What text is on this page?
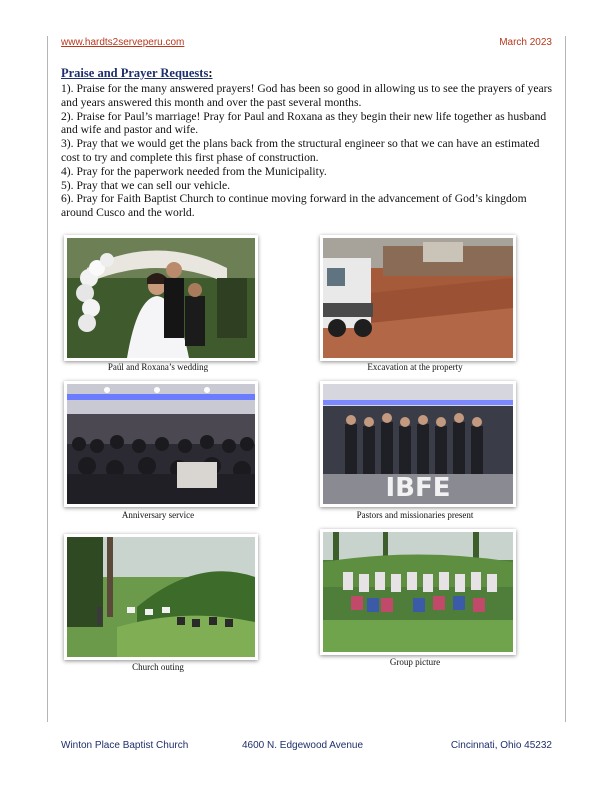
www.hardts2serveperu.com	March 2023
Praise and Prayer Requests:

1). Praise for the many answered prayers! God has been so good in allowing us to see the prayers of years and years answered this month and over the past several months.

2). Praise for Paul’s marriage! Pray for Paul and Roxana as they begin their new life together as husband and wife and pastor and wife.

3). Pray that we would get the plans back from the structural engineer so that we can have an estimated cost to try and complete this first phase of construction.

4). Pray for the paperwork needed from the Municipality.

5). Pray that we can sell our vehicle.

6). Pray for Faith Baptist Church to continue moving forward in the advancement of God’s kingdom around Cusco and the world.

Paúl and Roxana’s wedding	Excavation at the property
Anniversary service
IBFE
Pastors and missionaries present
Church outing	Group picture
Winton Place Baptist Church	4600 N. Edgewood Avenue	Cincinnati, Ohio 45232
